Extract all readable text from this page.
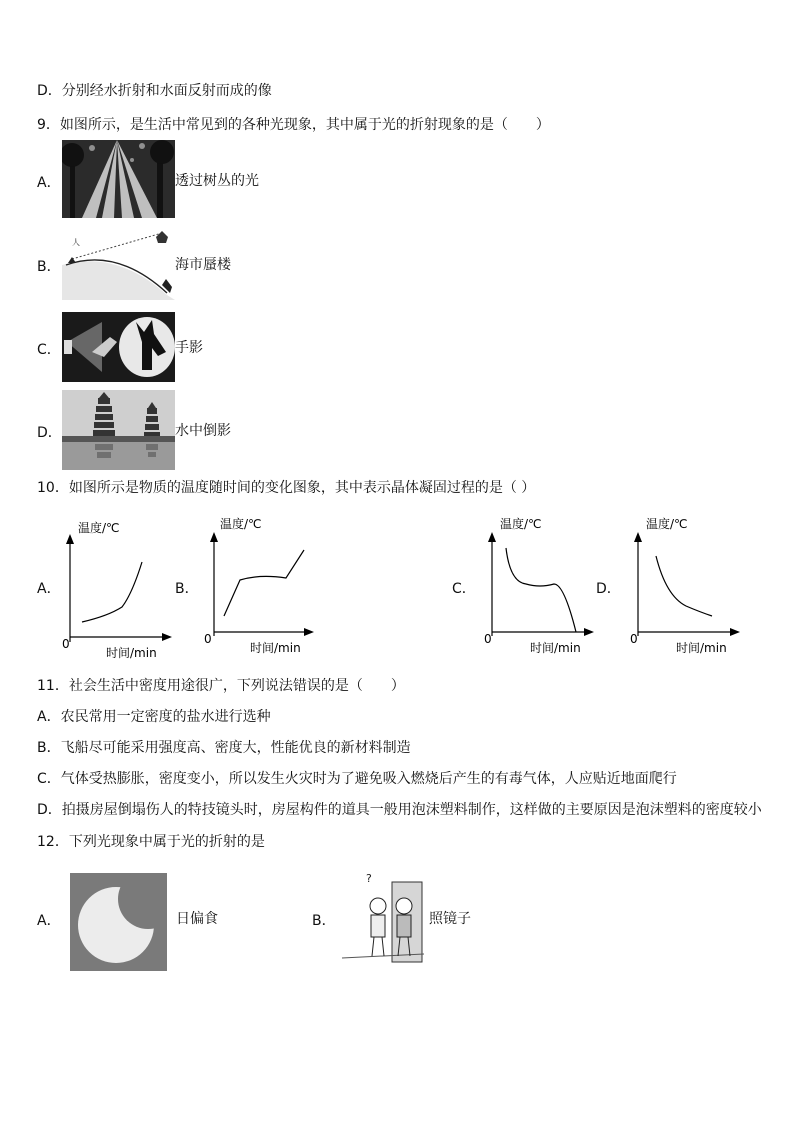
D．分别经水折射和水面反射而成的像
9．如图所示，是生活中常见到的各种光现象，其中属于光的折射现象的是（　　）
A．	透过树丛的光
B．
人
海市蜃楼
C．	手影
D．	水中倒影
10．如图所示是物质的温度随时间的变化图象，其中表示晶体凝固过程的是（ ）
A．
温度/℃
0
时间/min
B．
温度/℃
0
时间/min
C．
温度/℃
0
时间/min
D．
温度/℃
0
时间/min
11．社会生活中密度用途很广，下列说法错误的是（　　）
A．农民常用一定密度的盐水进行选种
B．飞船尽可能采用强度高、密度大，性能优良的新材料制造
C．气体受热膨胀，密度变小，所以发生火灾时为了避免吸入燃烧后产生的有毒气体，人应贴近地面爬行
D．拍摄房屋倒塌伤人的特技镜头时，房屋构件的道具一般用泡沫塑料制作，这样做的主要原因是泡沫塑料的密度较小
12．下列光现象中属于光的折射的是
A．	日偏食	B．
?
照镜子
